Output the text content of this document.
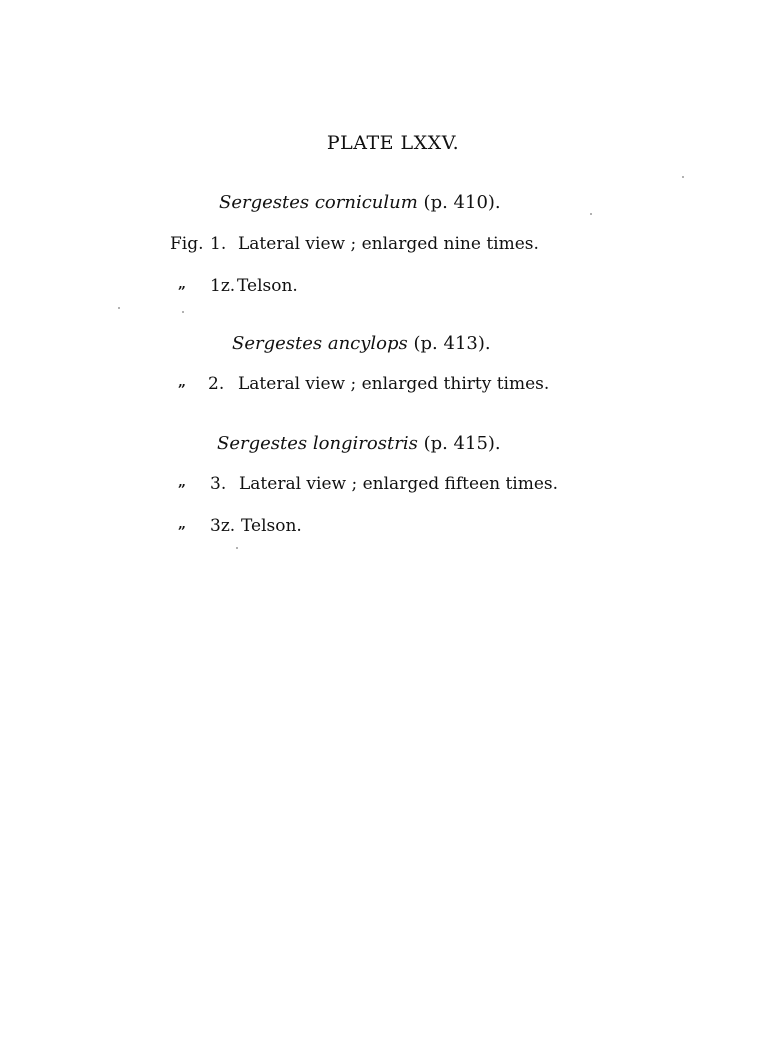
PLATE LXXV.
Sergestes corniculum (p. 410).
Fig. 1. Lateral view ; enlarged nine times.
„ 1z. Telson.
Sergestes ancylops (p. 413).
„ 2. Lateral view ; enlarged thirty times.
Sergestes longirostris (p. 415).
„ 3. Lateral view ; enlarged fifteen times.
„ 3z. Telson.
